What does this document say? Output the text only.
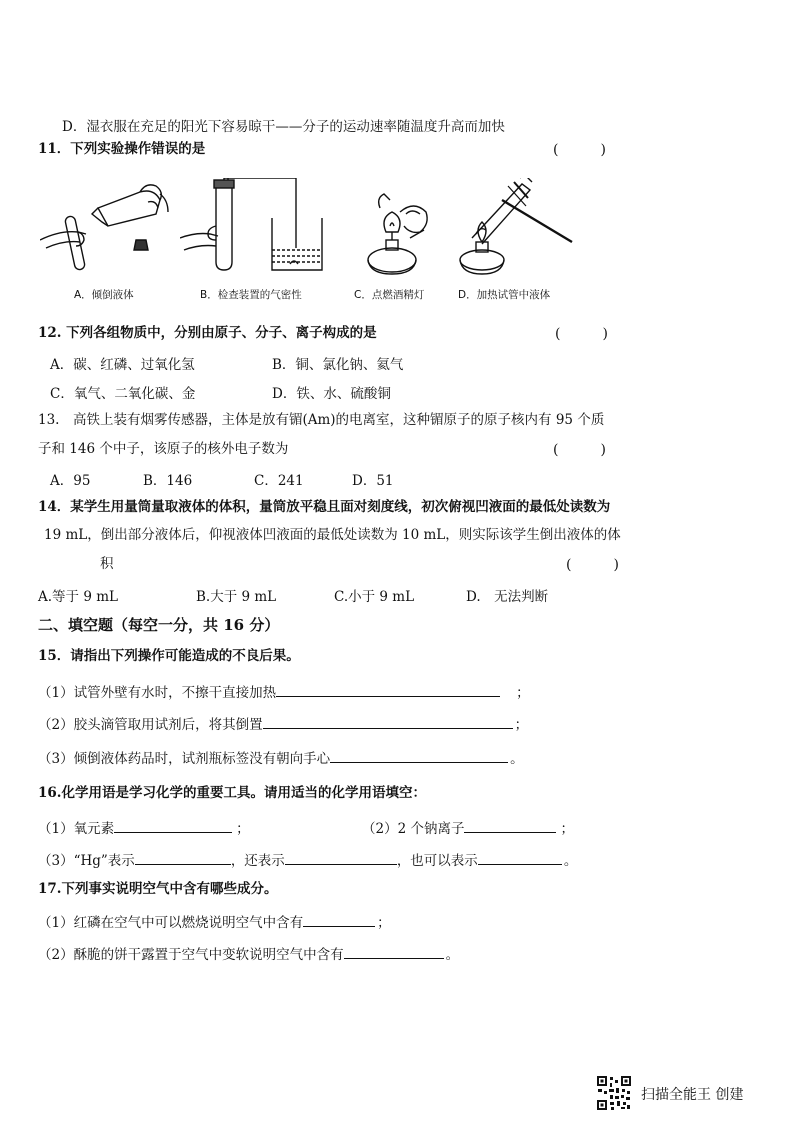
D．湿衣服在充足的阳光下容易晾干——分子的运动速率随温度升高而加快
11．下列实验操作错误的是	(　　　)
A．倾倒液体	B．检查装置的气密性	C．点燃酒精灯	D．加热试管中液体
12. 下列各组物质中，分别由原子、分子、离子构成的是	(　　　)
A．碳、红磷、过氧化氢	B．铜、氯化钠、氦气
C．氧气、二氧化碳、金	D．铁、水、硫酸铜
13.　高铁上装有烟雾传感器，主体是放有镅(Am)的电离室，这种镅原子的原子核内有 95 个质
子和 146 个中子，该原子的核外电子数为	(　　　)
A．95	B．146	C．241	D．51
14．某学生用量筒量取液体的体积，量筒放平稳且面对刻度线，初次俯视凹液面的最低处读数为
19 mL，倒出部分液体后，仰视液体凹液面的最低处读数为 10 mL，则实际该学生倒出液体的体
积	(　　　)
A.等于 9 mL	B.大于 9 mL	C.小于 9 mL	D.　无法判断
二、填空题（每空一分，共 16 分）
15．请指出下列操作可能造成的不良后果。
（1）试管外壁有水时，不擦干直接加热	；
（2）胶头滴管取用试剂后，将其倒置	；
（3）倾倒液体药品时，试剂瓶标签没有朝向手心	。
16.化学用语是学习化学的重要工具。请用适当的化学用语填空：
（1）氧元素	；	（2）2 个钠离子	；
（3）“Hg”表示	，还表示	，也可以表示	。
17.下列事实说明空气中含有哪些成分。
（1）红磷在空气中可以燃烧说明空气中含有	；
（2）酥脆的饼干露置于空气中变软说明空气中含有	。
扫描全能王 创建
